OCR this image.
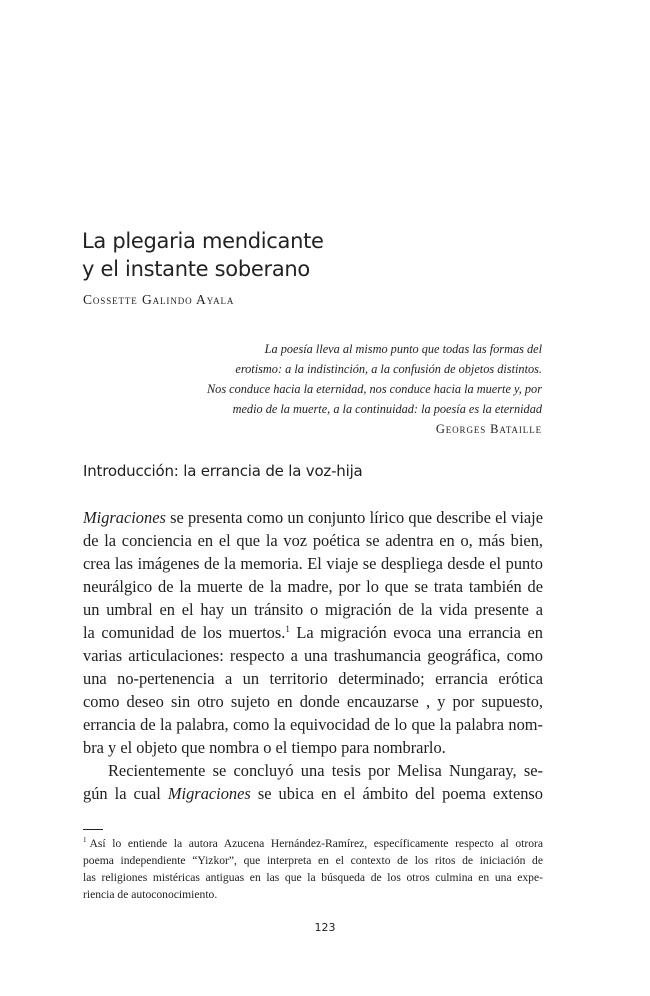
La plegaria mendicante
y el instante soberano

Cossette Galindo Ayala

La poesía lleva al mismo punto que todas las formas del
erotismo: a la indistinción, a la confusión de objetos distintos.
Nos conduce hacia la eternidad, nos conduce hacia la muerte y, por
medio de la muerte, a la continuidad: la poesía es la eternidad
Georges Bataille
Introducción: la errancia de la voz-hija
Migraciones se presenta como un conjunto lírico que describe el viaje
de la conciencia en el que la voz poética se adentra en o, más bien,
crea las imágenes de la memoria. El viaje se despliega desde el punto
neurálgico de la muerte de la madre, por lo que se trata también de
un umbral en el hay un tránsito o migración de la vida presente a
la comunidad de los muertos.$^1$ La migración evoca una errancia en
varias articulaciones: respecto a una trashumancia geográfica, como
una no-pertenencia a un territorio determinado; errancia erótica
como deseo sin otro sujeto en donde encauzarse , y por supuesto,
errancia de la palabra, como la equivocidad de lo que la palabra nom-
bra y el objeto que nombra o el tiempo para nombrarlo.
Recientemente se concluyó una tesis por Melisa Nungaray, se-
gún la cual Migraciones se ubica en el ámbito del poema extenso
$^1$ Así lo entiende la autora Azucena Hernández-Ramírez, específicamente respecto al otrora
poema independiente “Yizkor”, que interpreta en el contexto de los ritos de iniciación de
las religiones mistéricas antiguas en las que la búsqueda de los otros culmina en una expe-
riencia de autoconocimiento.

123
